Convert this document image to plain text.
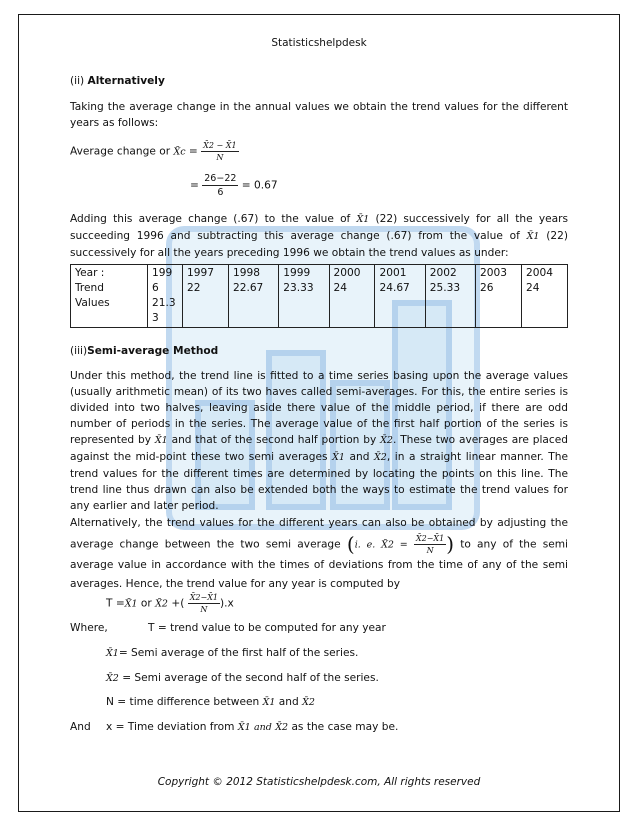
Statisticshelpdesk
(ii) Alternatively
Taking the average change in the annual values we obtain the trend values for the different years as follows:
Average change or X̄c = $\frac{X̄2 - X̄1}{N}$
= $\frac{26-22}{6} = 0.67$
Adding this average change (.67) to the value of X̄1 (22) successively for all the years succeeding 1996 and subtracting this average change (.67) from the value of X̄1 (22) successively for all the years preceding 1996 we obtain the trend values as under:
Year :
Trend
Values	199
6
21.3
3	1997
22	1998
22.67	1999
23.33	2000
24	2001
24.67	2002
25.33	2003
26	2004
24
(iii)Semi-average Method
Under this method, the trend line is fitted to a time series basing upon the average values (usually arithmetic mean) of its two haves called semi-averages. For this, the entire series is divided into two halves, leaving aside there value of the middle period, if there are odd number of periods in the series. The average value of the first half portion of the series is represented by X̄1 and that of the second half portion by X̄2. These two averages are placed against the mid-point these two semi averages X̄1 and X̄2, in a straight linear manner. The trend values for the different times are determined by locating the points on this line. The trend line thus drawn can also be extended both the ways to estimate the trend values for any earlier and later period.
Alternatively, the trend values for the different years can also be obtained by adjusting the average change between the two semi average (i. e. X̄2 = $\frac{X̄2-X̄1}{N}$ ) to any of the semi average value in accordance with the times of deviations from the time of any of the semi averages. Hence, the trend value for any year is computed by
T =X̄1 or X̄2 +( $\frac{X̄2-X̄1}{N} ).x$
Where,	T = trend value to be computed for any year
X̄1= Semi average of the first half of the series.
X̄2 = Semi average of the second half of the series.
N = time difference between X̄1 and X̄2
And x = Time deviation from X̄1 and X̄2 as the case may be.
Copyright © 2012 Statisticshelpdesk.com, All rights reserved
